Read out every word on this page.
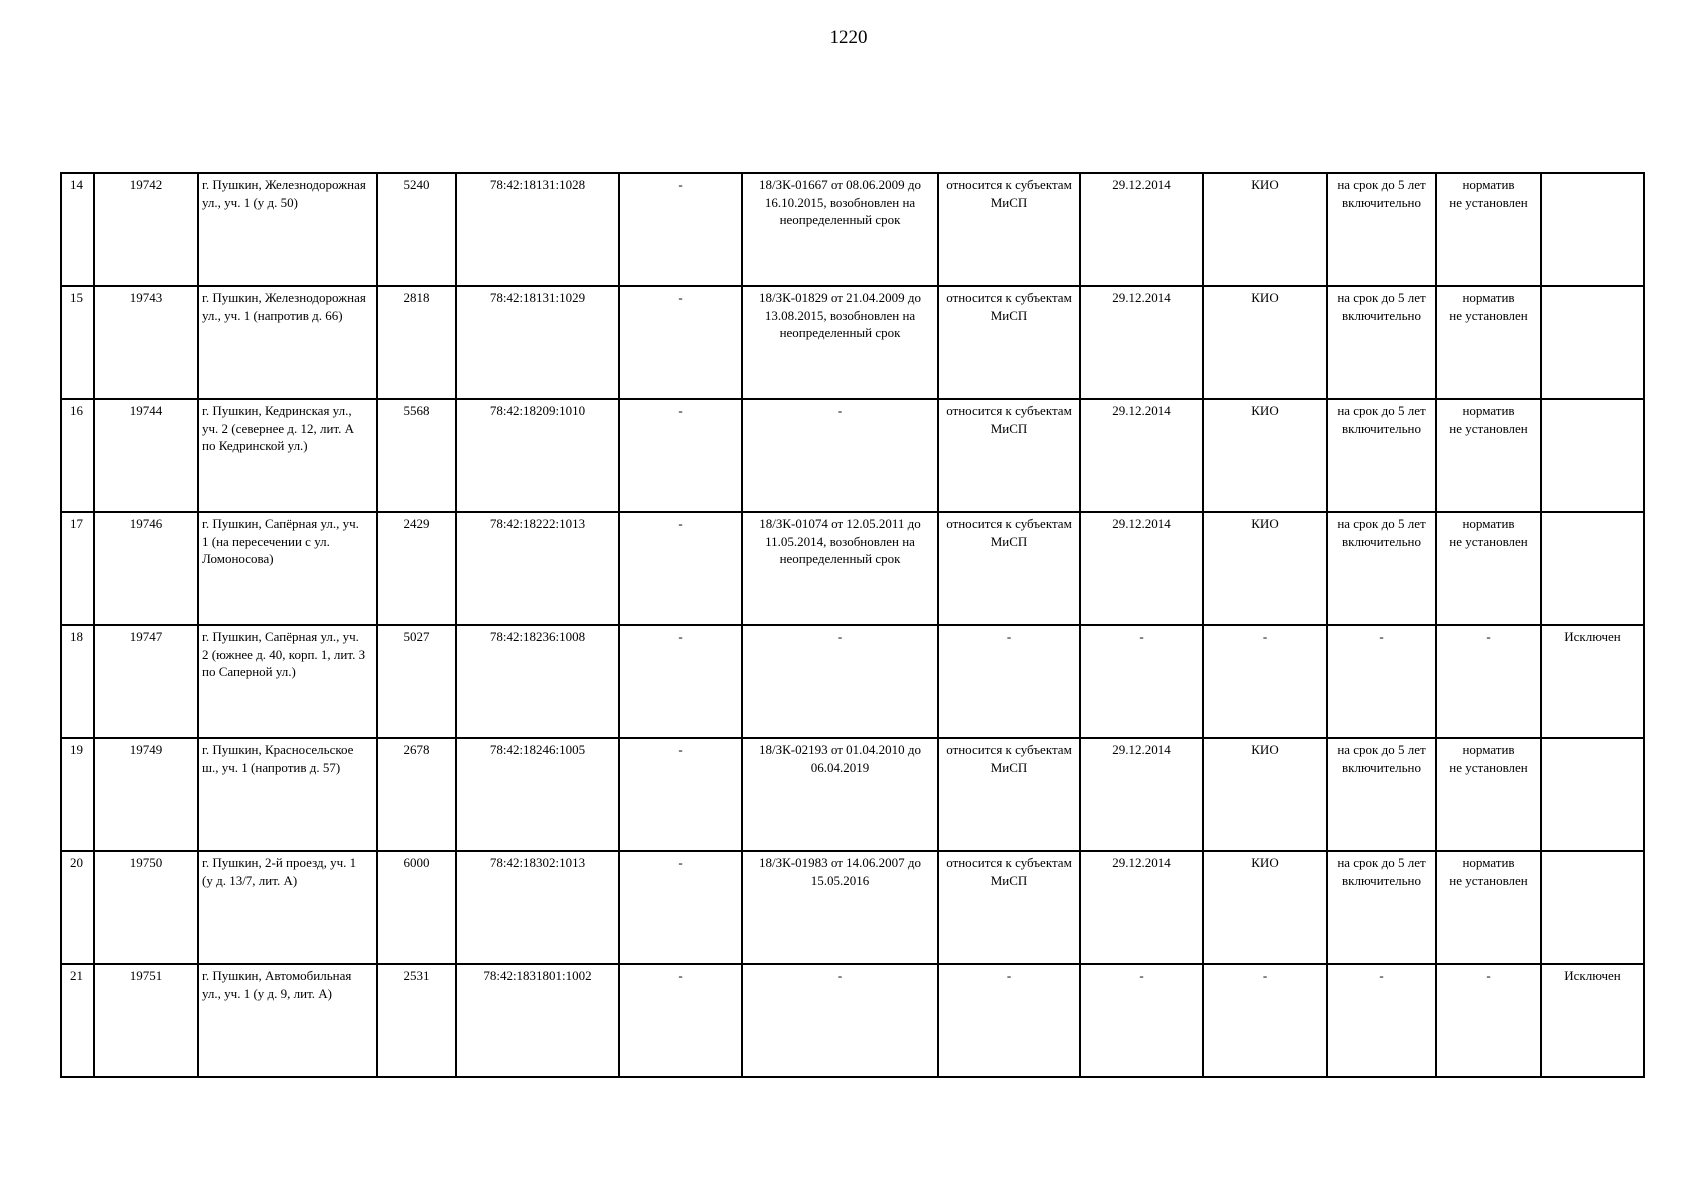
1220
14	19742	г. Пушкин, Железнодорожная
ул., уч. 1 (у д. 50)	5240	78:42:18131:1028	-	18/ЗК-01667 от 08.06.2009 до
16.10.2015, возобновлен на
неопределенный срок	относится к субъектам
МиСП	29.12.2014	КИО	на срок до 5 лет
включительно	норматив
не установлен	
15	19743	г. Пушкин, Железнодорожная
ул., уч. 1 (напротив д. 66)	2818	78:42:18131:1029	-	18/ЗК-01829 от 21.04.2009 до
13.08.2015, возобновлен на
неопределенный срок	относится к субъектам
МиСП	29.12.2014	КИО	на срок до 5 лет
включительно	норматив
не установлен	
16	19744	г. Пушкин, Кедринская ул.,
уч. 2 (севернее д. 12, лит. А
по Кедринской ул.)	5568	78:42:18209:1010	-	-	относится к субъектам
МиСП	29.12.2014	КИО	на срок до 5 лет
включительно	норматив
не установлен	
17	19746	г. Пушкин, Сапёрная ул., уч.
1 (на пересечении с ул.
Ломоносова)	2429	78:42:18222:1013	-	18/ЗК-01074 от 12.05.2011 до
11.05.2014, возобновлен на
неопределенный срок	относится к субъектам
МиСП	29.12.2014	КИО	на срок до 5 лет
включительно	норматив
не установлен	
18	19747	г. Пушкин, Сапёрная ул., уч.
2 (южнее д. 40, корп. 1, лит. З
по Саперной ул.)	5027	78:42:18236:1008	-	-	-	-	-	-	-	Исключен
19	19749	г. Пушкин, Красносельское
ш., уч. 1 (напротив д. 57)	2678	78:42:18246:1005	-	18/ЗК-02193 от 01.04.2010 до
06.04.2019	относится к субъектам
МиСП	29.12.2014	КИО	на срок до 5 лет
включительно	норматив
не установлен	
20	19750	г. Пушкин, 2-й проезд, уч. 1
(у д. 13/7, лит. А)	6000	78:42:18302:1013	-	18/ЗК-01983 от 14.06.2007 до
15.05.2016	относится к субъектам
МиСП	29.12.2014	КИО	на срок до 5 лет
включительно	норматив
не установлен	
21	19751	г. Пушкин, Автомобильная
ул., уч. 1 (у д. 9, лит. А)	2531	78:42:1831801:1002	-	-	-	-	-	-	-	Исключен
